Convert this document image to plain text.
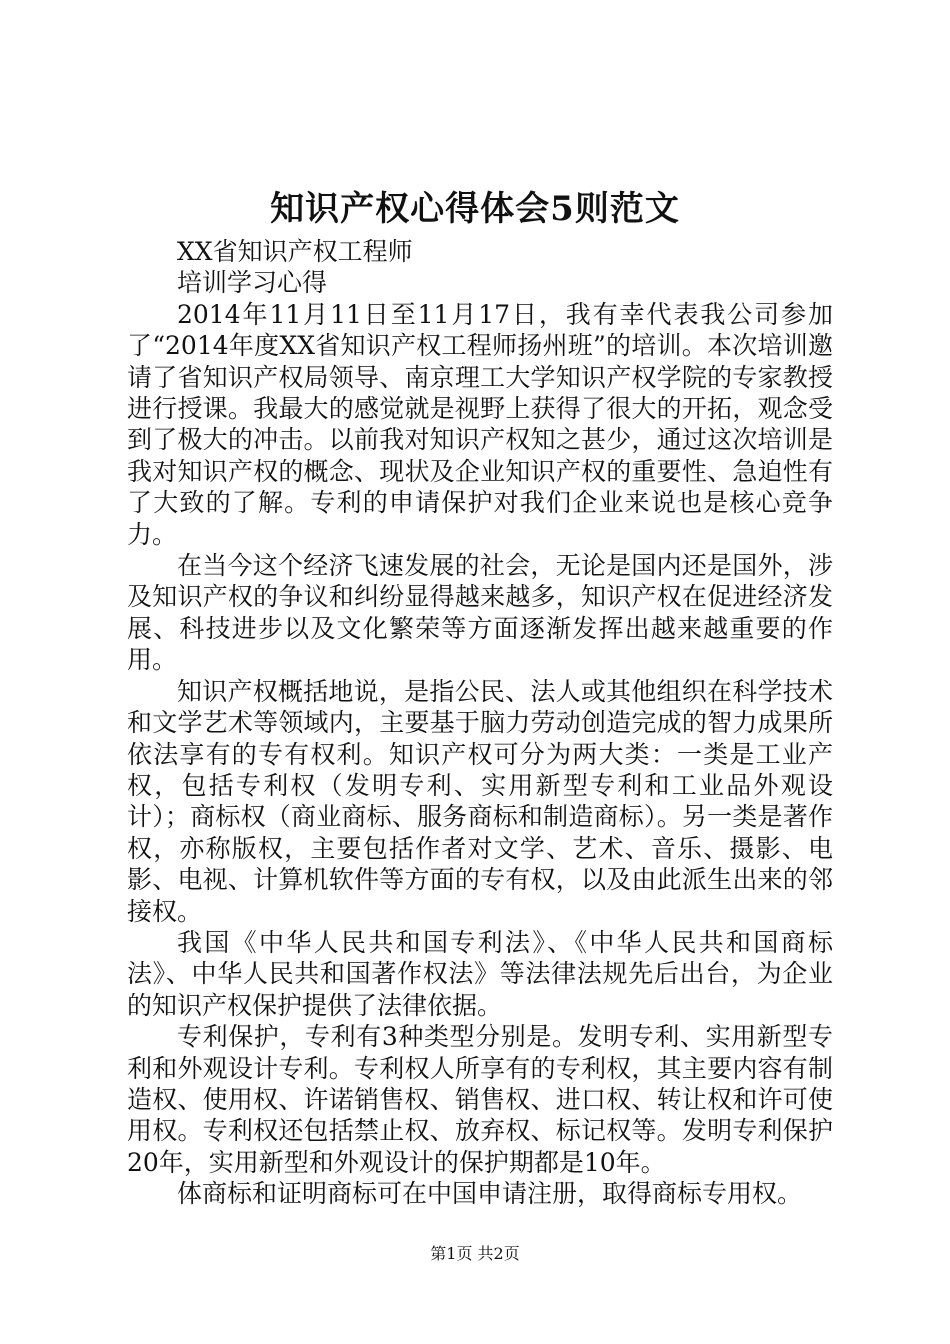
知识产权心得体会5则范文

XX省知识产权工程师

培训学习心得

2014年11月11日至11月17日，我有幸代表我公司参加了“2014年度XX省知识产权工程师扬州班”的培训。本次培训邀请了省知识产权局领导、南京理工大学知识产权学院的专家教授进行授课。我最大的感觉就是视野上获得了很大的开拓，观念受到了极大的冲击。以前我对知识产权知之甚少，通过这次培训是我对知识产权的概念、现状及企业知识产权的重要性、急迫性有了大致的了解。专利的申请保护对我们企业来说也是核心竞争力。

在当今这个经济飞速发展的社会，无论是国内还是国外，涉及知识产权的争议和纠纷显得越来越多，知识产权在促进经济发展、科技进步以及文化繁荣等方面逐渐发挥出越来越重要的作用。

知识产权概括地说，是指公民、法人或其他组织在科学技术和文学艺术等领域内，主要基于脑力劳动创造完成的智力成果所依法享有的专有权利。知识产权可分为两大类：一类是工业产权，包括专利权（发明专利、实用新型专利和工业品外观设计）；商标权（商业商标、服务商标和制造商标）。另一类是著作权，亦称版权，主要包括作者对文学、艺术、音乐、摄影、电影、电视、计算机软件等方面的专有权，以及由此派生出来的邻接权。

我国《中华人民共和国专利法》、《中华人民共和国商标法》、中华人民共和国著作权法》等法律法规先后出台，为企业的知识产权保护提供了法律依据。

专利保护，专利有3种类型分别是。发明专利、实用新型专利和外观设计专利。专利权人所享有的专利权，其主要内容有制造权、使用权、许诺销售权、销售权、进口权、转让权和许可使用权。专利权还包括禁止权、放弃权、标记权等。发明专利保护20年，实用新型和外观设计的保护期都是10年。

体商标和证明商标可在中国申请注册，取得商标专用权。

第1页 共2页
